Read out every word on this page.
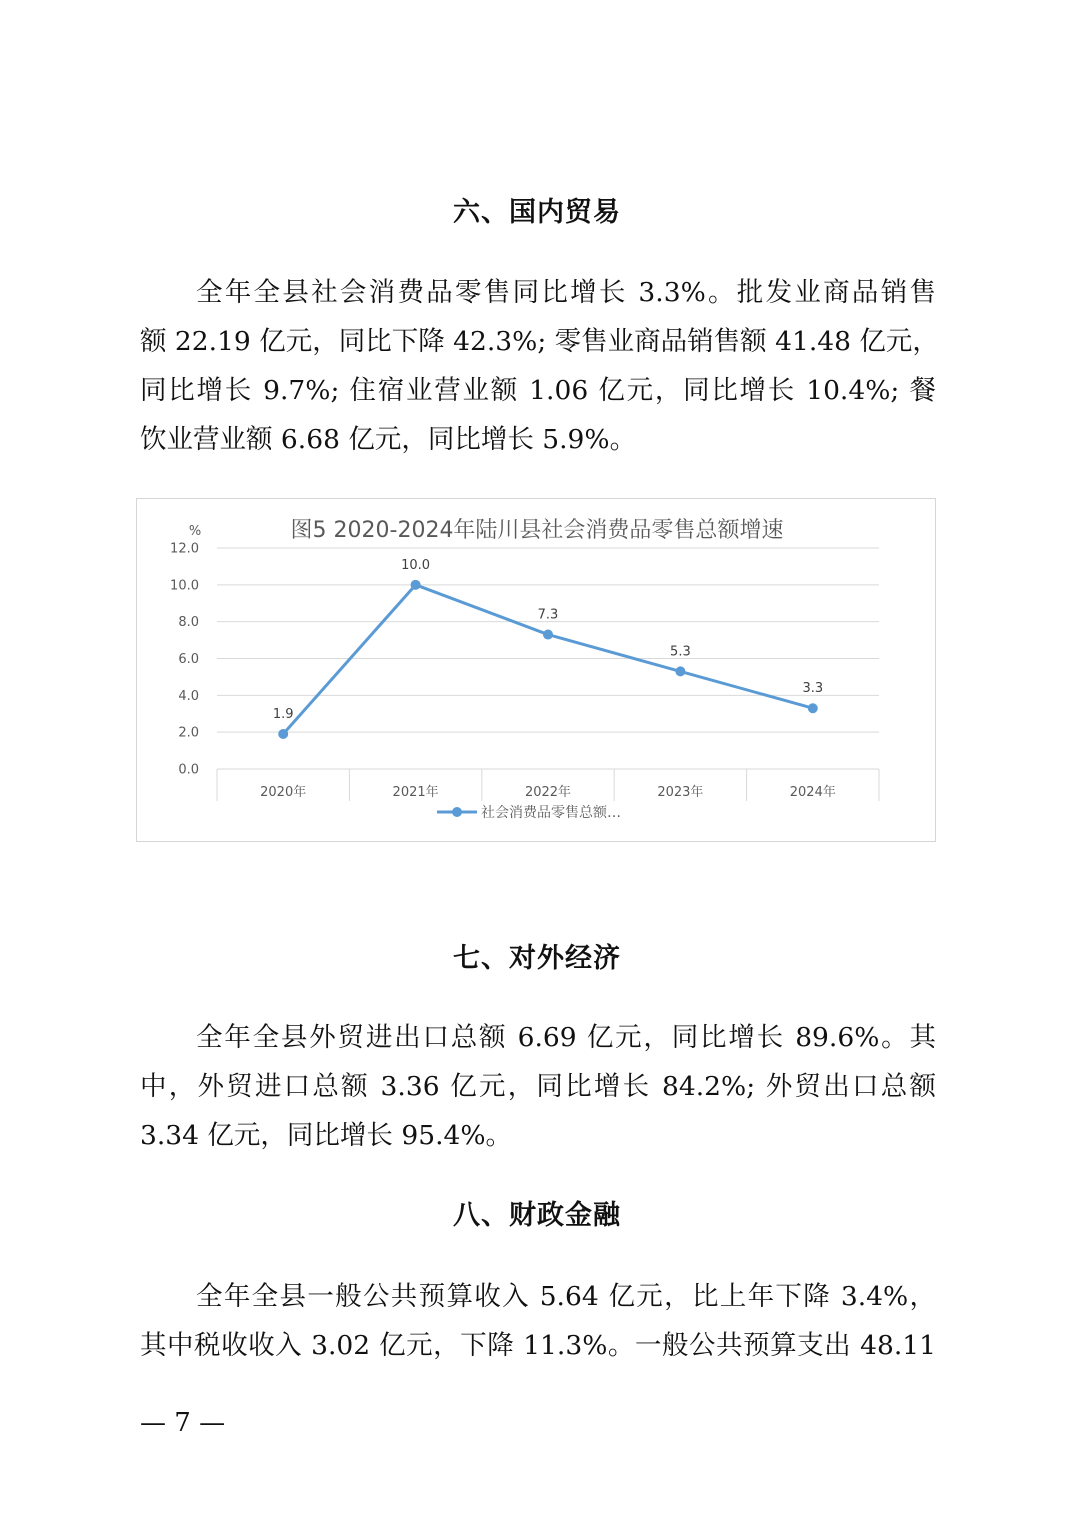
六、国内贸易
全年全县社会消费品零售同比增长 3.3%。批发业商品销售
额 22.19 亿元，同比下降 42.3%; 零售业商品销售额 41.48 亿元，
同比增长 9.7%; 住宿业营业额 1.06 亿元，同比增长 10.4%; 餐
饮业营业额 6.68 亿元，同比增长 5.9%。
图5 2020-2024年陆川县社会消费品零售总额增速
%
0.0
2.0
4.0
6.0
8.0
10.0
12.0
2020年	2021年	2022年	2023年	2024年
1.9
10.0
7.3
5.3
3.3
社会消费品零售总额…
七、对外经济
全年全县外贸进出口总额 6.69 亿元，同比增长 89.6%。其
中，外贸进口总额 3.36 亿元，同比增长 84.2%; 外贸出口总额
3.34 亿元，同比增长 95.4%。
八、财政金融
全年全县一般公共预算收入 5.64 亿元，比上年下降 3.4%，
其中税收收入 3.02 亿元，下降 11.3%。一般公共预算支出 48.11
— 7 —
